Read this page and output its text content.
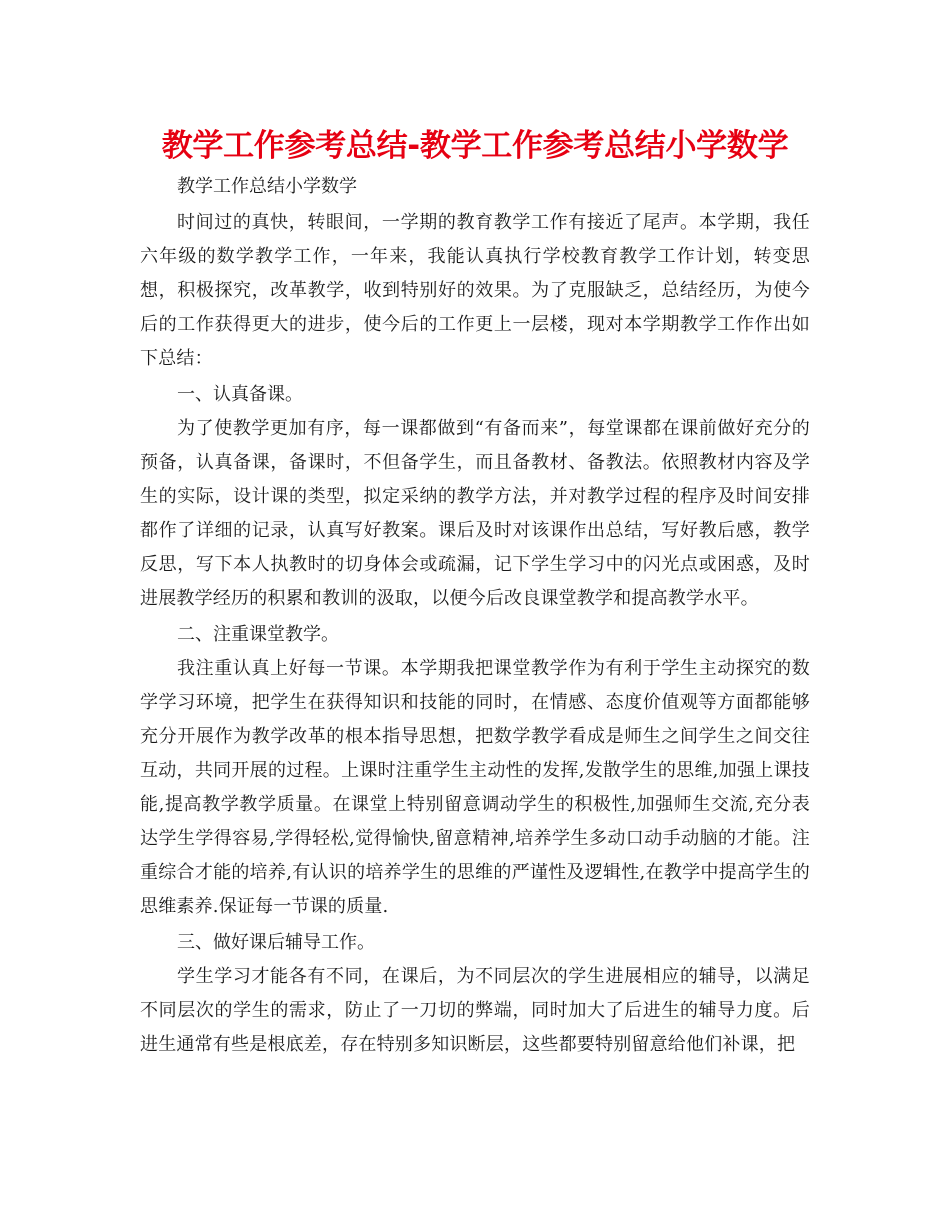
教学工作参考总结-教学工作参考总结小学数学

教学工作总结小学数学

时间过的真快，转眼间，一学期的教育教学工作有接近了尾声。本学期，我任六年级的数学教学工作，一年来，我能认真执行学校教育教学工作计划，转变思想，积极探究，改革教学，收到特别好的效果。为了克服缺乏，总结经历，为使今后的工作获得更大的进步，使今后的工作更上一层楼，现对本学期教学工作作出如下总结：

一、认真备课。

为了使教学更加有序，每一课都做到“有备而来”，每堂课都在课前做好充分的预备，认真备课，备课时，不但备学生，而且备教材、备教法。依照教材内容及学生的实际，设计课的类型，拟定采纳的教学方法，并对教学过程的程序及时间安排都作了详细的记录，认真写好教案。课后及时对该课作出总结，写好教后感，教学反思，写下本人执教时的切身体会或疏漏，记下学生学习中的闪光点或困惑，及时进展教学经历的积累和教训的汲取，以便今后改良课堂教学和提高教学水平。

二、注重课堂教学。

我注重认真上好每一节课。本学期我把课堂教学作为有利于学生主动探究的数学学习环境，把学生在获得知识和技能的同时，在情感、态度价值观等方面都能够充分开展作为教学改革的根本指导思想，把数学教学看成是师生之间学生之间交往互动，共同开展的过程。上课时注重学生主动性的发挥,发散学生的思维,加强上课技能,提高教学教学质量。在课堂上特别留意调动学生的积极性,加强师生交流,充分表达学生学得容易,学得轻松,觉得愉快,留意精神,培养学生多动口动手动脑的才能。注重综合才能的培养,有认识的培养学生的思维的严谨性及逻辑性,在教学中提高学生的思维素养.保证每一节课的质量.

三、做好课后辅导工作。

学生学习才能各有不同，在课后，为不同层次的学生进展相应的辅导，以满足不同层次的学生的需求，防止了一刀切的弊端，同时加大了后进生的辅导力度。后进生通常有些是根底差，存在特别多知识断层，这些都要特别留意给他们补课，把
